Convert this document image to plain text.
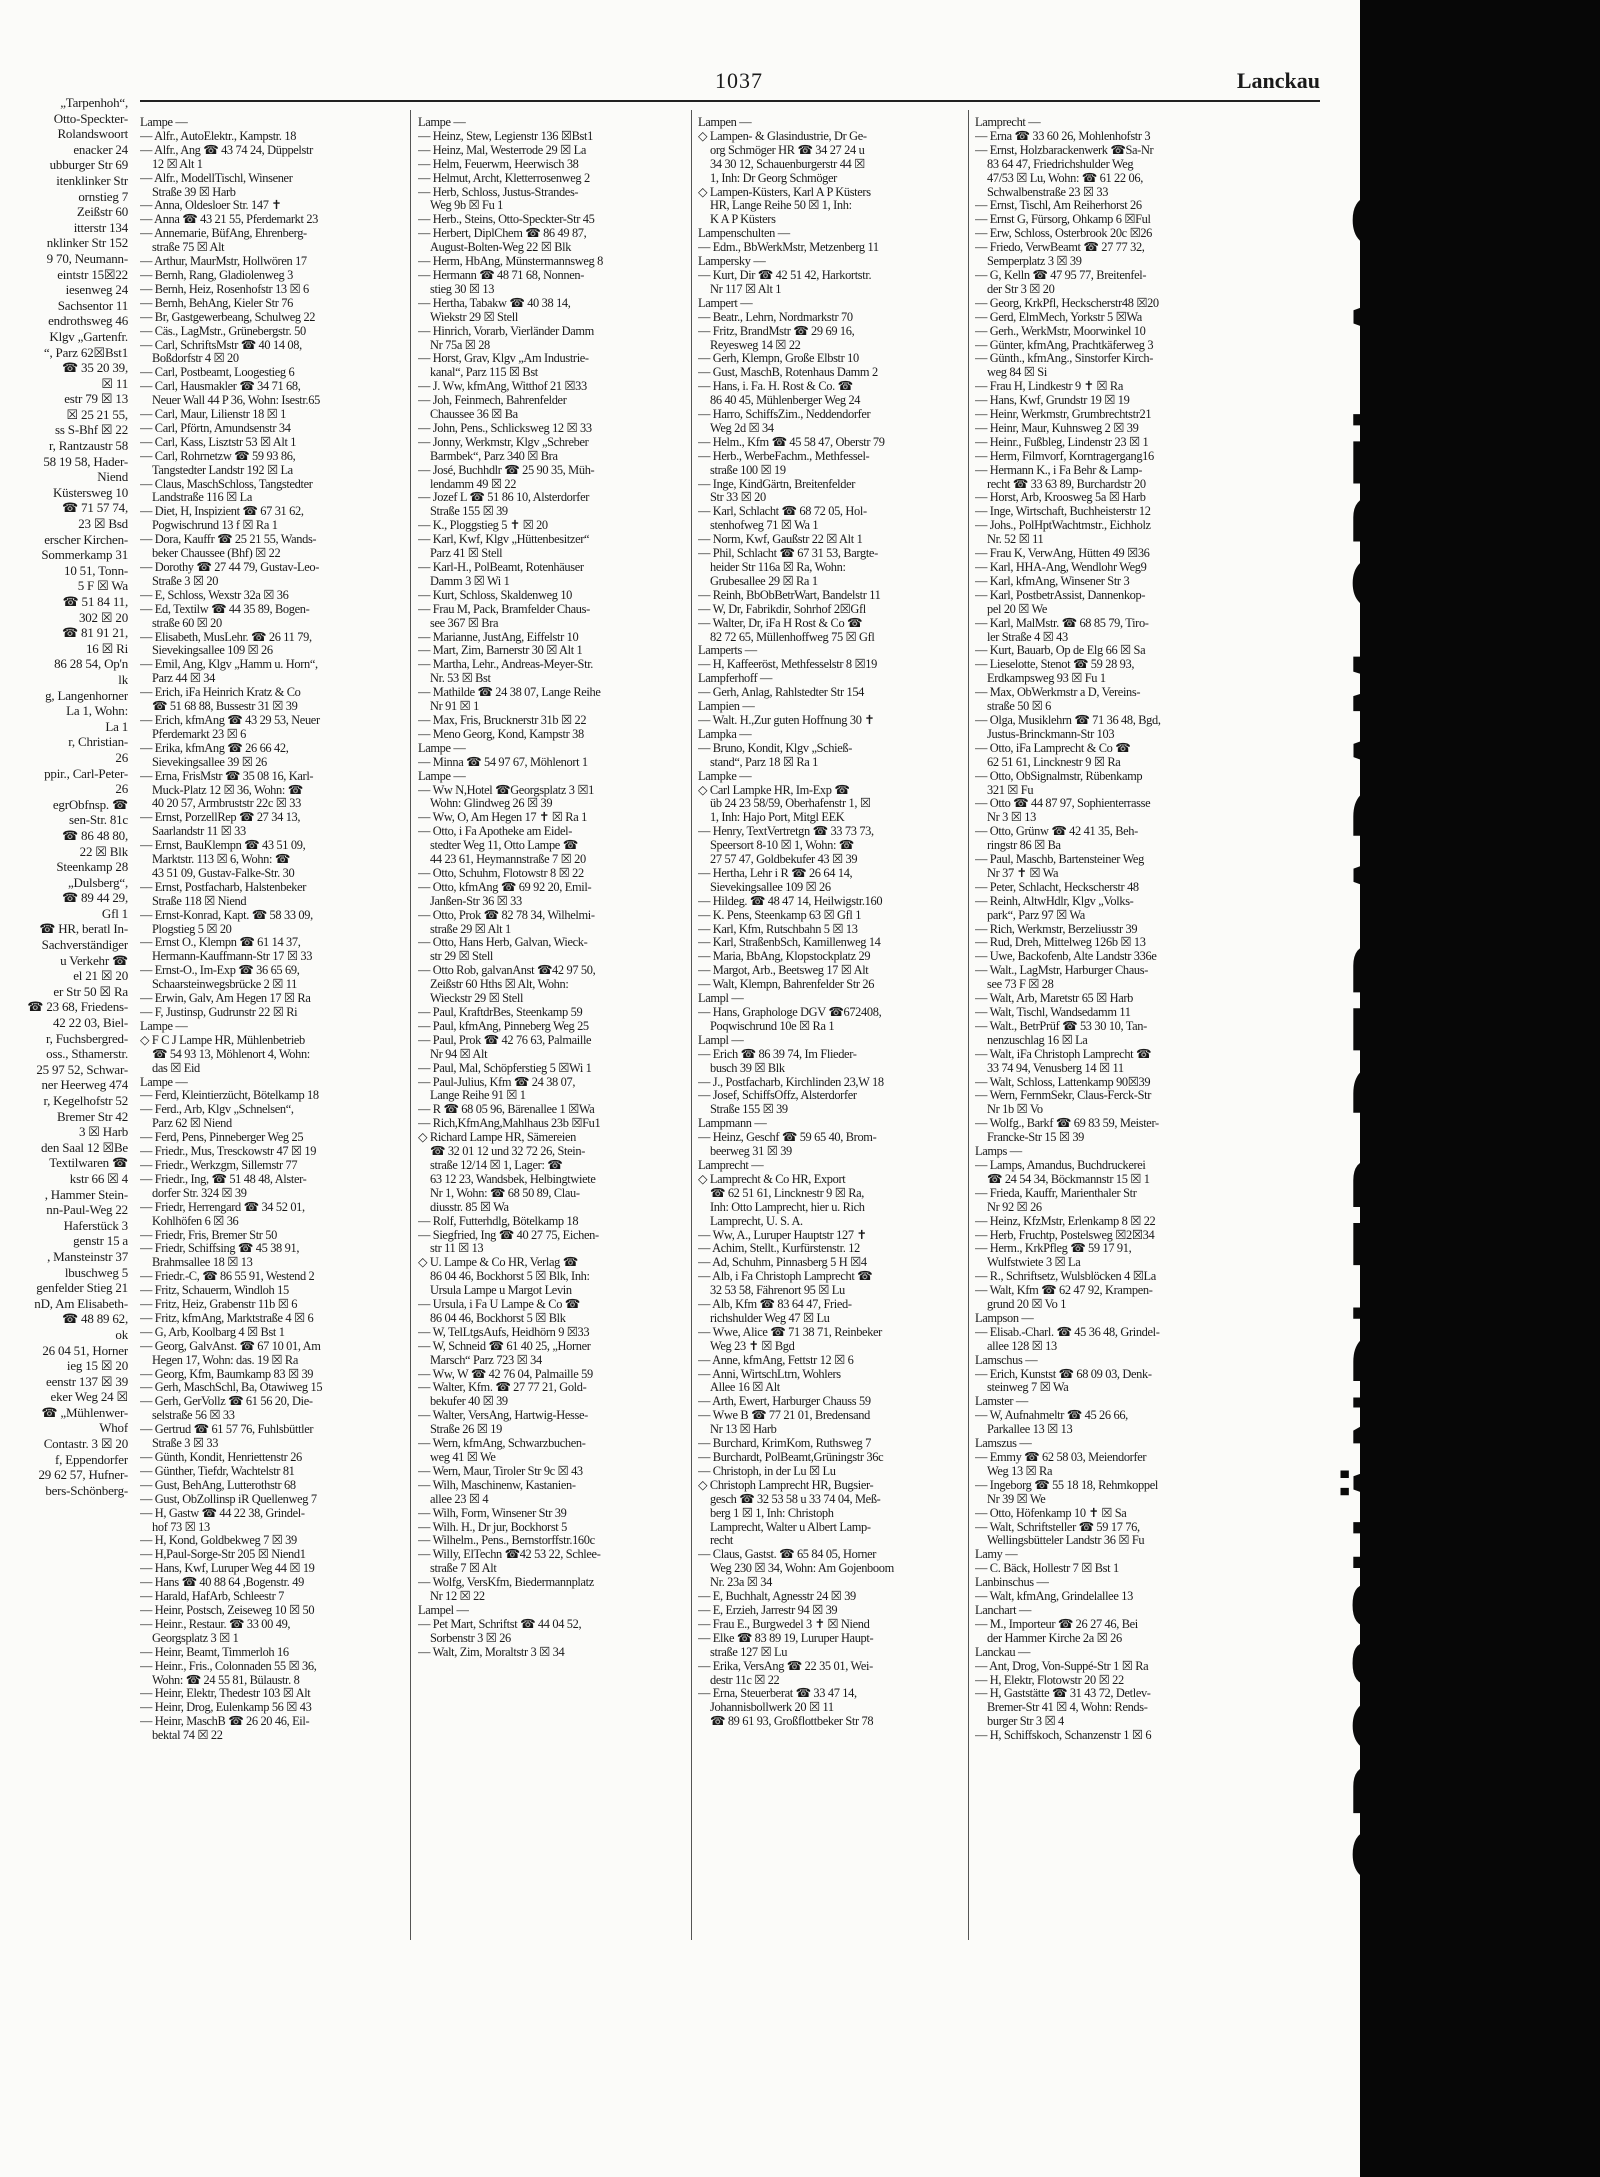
„Tarpenhoh“,
Otto-Speckter-
Rolandswoort
enacker 24
ubburger Str 69
itenklinker Str
ornstieg 7
Zeißstr 60
itterstr 134
nklinker Str 152
9 70, Neumann-
eintstr 15☒22
iesenweg 24
Sachsentor 11
endrothsweg 46
Klgv „Gartenfr.
“, Parz 62☒Bst1
☎ 35 20 39,
☒ 11
estr 79 ☒ 13
☒ 25 21 55,
ss S-Bhf ☒ 22
r, Rantzaustr 58
58 19 58, Hader-
Niend
Küstersweg 10
☎ 71 57 74,
23 ☒ Bsd
erscher Kirchen-
Sommerkamp 31
10 51, Tonn-
5 F ☒ Wa
☎ 51 84 11,
302 ☒ 20
☎ 81 91 21,
16 ☒ Ri
86 28 54, Op'n
lk
g, Langenhorner
La 1, Wohn:
La 1
r, Christian-
26
ppir., Carl-Peter-
26
egrObfnsp. ☎
sen-Str. 81c
☎ 86 48 80,
22 ☒ Blk
Steenkamp 28
„Dulsberg“,
☎ 89 44 29,
Gfl 1
☎ HR, beratl In-
Sachverständiger
u Verkehr ☎
el 21 ☒ 20
er Str 50 ☒ Ra
☎ 23 68, Friedens-
42 22 03, Biel-
r, Fuchsbergred-
oss., Sthamerstr.
25 97 52, Schwar-
ner Heerweg 474
r, Kegelhofstr 52
Bremer Str 42
3 ☒ Harb
den Saal 12 ☒Be
Textilwaren ☎
kstr 66 ☒ 4
, Hammer Stein-
nn-Paul-Weg 22
Haferstück 3
genstr 15 a
, Mansteinstr 37
lbuschweg 5
genfelder Stieg 21
nD, Am Elisabeth-
☎ 48 89 62,
ok
26 04 51, Horner
ieg 15 ☒ 20
eenstr 137 ☒ 39
eker Weg 24 ☒
☎ „Mühlenwer-
Whof
Contastr. 3 ☒ 20
f, Eppendorfer
29 62 57, Hufner-
bers-Schönberg-
1037	Lanckau
Lampe —
— Alfr., AutoElektr., Kampstr. 18
— Alfr., Ang ☎ 43 74 24, Düppelstr
12 ☒ Alt 1
— Alfr., ModellTischl, Winsener
Straße 39 ☒ Harb
— Anna, Oldesloer Str. 147 ✝
— Anna ☎ 43 21 55, Pferdemarkt 23
— Annemarie, BüfAng, Ehrenberg-
straße 75 ☒ Alt
— Arthur, MaurMstr, Hollwören 17
— Bernh, Rang, Gladiolenweg 3
— Bernh, Heiz, Rosenhofstr 13 ☒ 6
— Bernh, BehAng, Kieler Str 76
— Br, Gastgewerbeang, Schulweg 22
— Cäs., LagMstr., Grünebergstr. 50
— Carl, SchriftsMstr ☎ 40 14 08,
Boßdorfstr 4 ☒ 20
— Carl, Postbeamt, Loogestieg 6
— Carl, Hausmakler ☎ 34 71 68,
Neuer Wall 44 P 36, Wohn: Isestr.65
— Carl, Maur, Lilienstr 18 ☒ 1
— Carl, Pförtn, Amundsenstr 34
— Carl, Kass, Lisztstr 53 ☒ Alt 1
— Carl, Rohrnetzw ☎ 59 93 86,
Tangstedter Landstr 192 ☒ La
— Claus, MaschSchloss, Tangstedter
Landstraße 116 ☒ La
— Diet, H, Inspizient ☎ 67 31 62,
Pogwischrund 13 f ☒ Ra 1
— Dora, Kauffr ☎ 25 21 55, Wands-
beker Chaussee (Bhf) ☒ 22
— Dorothy ☎ 27 44 79, Gustav-Leo-
Straße 3 ☒ 20
— E, Schloss, Wexstr 32a ☒ 36
— Ed, Textilw ☎ 44 35 89, Bogen-
straße 60 ☒ 20
— Elisabeth, MusLehr. ☎ 26 11 79,
Sievekingsallee 109 ☒ 26
— Emil, Ang, Klgv „Hamm u. Horn“,
Parz 44 ☒ 34
— Erich, iFa Heinrich Kratz & Co
☎ 51 68 88, Bussestr 31 ☒ 39
— Erich, kfmAng ☎ 43 29 53, Neuer
Pferdemarkt 23 ☒ 6
— Erika, kfmAng ☎ 26 66 42,
Sievekingsallee 39 ☒ 26
— Erna, FrisMstr ☎ 35 08 16, Karl-
Muck-Platz 12 ☒ 36, Wohn: ☎
40 20 57, Armbruststr 22c ☒ 33
— Ernst, PorzellRep ☎ 27 34 13,
Saarlandstr 11 ☒ 33
— Ernst, BauKlempn ☎ 43 51 09,
Marktstr. 113 ☒ 6, Wohn: ☎
43 51 09, Gustav-Falke-Str. 30
— Ernst, Postfacharb, Halstenbeker
Straße 118 ☒ Niend
— Ernst-Konrad, Kapt. ☎ 58 33 09,
Plogstieg 5 ☒ 20
— Ernst O., Klempn ☎ 61 14 37,
Hermann-Kauffmann-Str 17 ☒ 33
— Ernst-O., Im-Exp ☎ 36 65 69,
Schaarsteinwegsbrücke 2 ☒ 11
— Erwin, Galv, Am Hegen 17 ☒ Ra
— F, Justinsp, Gudrunstr 22 ☒ Ri
Lampe —
◇ F C J Lampe HR, Mühlenbetrieb
☎ 54 93 13, Möhlenort 4, Wohn:
das ☒ Eid
Lampe —
— Ferd, Kleintierzücht, Bötelkamp 18
— Ferd., Arb, Klgv „Schnelsen“,
Parz 62 ☒ Niend
— Ferd, Pens, Pinneberger Weg 25
— Friedr., Mus, Tresckowstr 47 ☒ 19
— Friedr., Werkzgm, Sillemstr 77
— Friedr., Ing, ☎ 51 48 48, Alster-
dorfer Str. 324 ☒ 39
— Friedr, Herrengard ☎ 34 52 01,
Kohlhöfen 6 ☒ 36
— Friedr, Fris, Bremer Str 50
— Friedr, Schiffsing ☎ 45 38 91,
Brahmsallee 18 ☒ 13
— Friedr.-C, ☎ 86 55 91, Westend 2
— Fritz, Schauerm, Windloh 15
— Fritz, Heiz, Grabenstr 11b ☒ 6
— Fritz, kfmAng, Marktstraße 4 ☒ 6
— G, Arb, Koolbarg 4 ☒ Bst 1
— Georg, GalvAnst. ☎ 67 10 01, Am
Hegen 17, Wohn: das. 19 ☒ Ra
— Georg, Kfm, Baumkamp 83 ☒ 39
— Gerh, MaschSchl, Ba, Otawiweg 15
— Gerh, GerVollz ☎ 61 56 20, Die-
selstraße 56 ☒ 33
— Gertrud ☎ 61 57 76, Fuhlsbüttler
Straße 3 ☒ 33
— Günth, Kondit, Henriettenstr 26
— Günther, Tiefdr, Wachtelstr 81
— Gust, BehAng, Lutterothstr 68
— Gust, ObZollinsp iR Quellenweg 7
— H, Gastw ☎ 44 22 38, Grindel-
hof 73 ☒ 13
— H, Kond, Goldbekweg 7 ☒ 39
— H,Paul-Sorge-Str 205 ☒ Niend1
— Hans, Kwf, Luruper Weg 44 ☒ 19
— Hans ☎ 40 88 64 ,Bogenstr. 49
— Harald, HafArb, Schleestr 7
— Heinr, Postsch, Zeiseweg 10 ☒ 50
— Heinr., Restaur. ☎ 33 00 49,
Georgsplatz 3 ☒ 1
— Heinr, Beamt, Timmerloh 16
— Heinr., Fris., Colonnaden 55 ☒ 36,
Wohn: ☎ 24 55 81, Bülaustr. 8
— Heinr, Elektr, Thedestr 103 ☒ Alt
— Heinr, Drog, Eulenkamp 56 ☒ 43
— Heinr, MaschB ☎ 26 20 46, Eil-
bektal 74 ☒ 22
Lampe —
— Heinz, Stew, Legienstr 136 ☒Bst1
— Heinz, Mal, Westerrode 29 ☒ La
— Helm, Feuerwm, Heerwisch 38
— Helmut, Archt, Kletterrosenweg 2
— Herb, Schloss, Justus-Strandes-
Weg 9b ☒ Fu 1
— Herb., Steins, Otto-Speckter-Str 45
— Herbert, DiplChem ☎ 86 49 87,
August-Bolten-Weg 22 ☒ Blk
— Herm, HbAng, Münstermannsweg 8
— Hermann ☎ 48 71 68, Nonnen-
stieg 30 ☒ 13
— Hertha, Tabakw ☎ 40 38 14,
Wiekstr 29 ☒ Stell
— Hinrich, Vorarb, Vierländer Damm
Nr 75a ☒ 28
— Horst, Grav, Klgv „Am Industrie-
kanal“, Parz 115 ☒ Bst
— J. Ww, kfmAng, Witthof 21 ☒33
— Joh, Feinmech, Bahrenfelder
Chaussee 36 ☒ Ba
— John, Pens., Schlicksweg 12 ☒ 33
— Jonny, Werkmstr, Klgv „Schreber
Barmbek“, Parz 340 ☒ Bra
— José, Buchhdlr ☎ 25 90 35, Müh-
lendamm 49 ☒ 22
— Jozef L ☎ 51 86 10, Alsterdorfer
Straße 155 ☒ 39
— K., Ploggstieg 5 ✝ ☒ 20
— Karl, Kwf, Klgv „Hüttenbesitzer“
Parz 41 ☒ Stell
— Karl-H., PolBeamt, Rotenhäuser
Damm 3 ☒ Wi 1
— Kurt, Schloss, Skaldenweg 10
— Frau M, Pack, Bramfelder Chaus-
see 367 ☒ Bra
— Marianne, JustAng, Eiffelstr 10
— Mart, Zim, Barnerstr 30 ☒ Alt 1
— Martha, Lehr., Andreas-Meyer-Str.
Nr. 53 ☒ Bst
— Mathilde ☎ 24 38 07, Lange Reihe
Nr 91 ☒ 1
— Max, Fris, Brucknerstr 31b ☒ 22
— Meno Georg, Kond, Kampstr 38
Lampe —
— Minna ☎ 54 97 67, Möhlenort 1
Lampe —
— Ww N,Hotel ☎Georgsplatz 3 ☒1
Wohn: Glindweg 26 ☒ 39
— Ww, O, Am Hegen 17 ✝ ☒ Ra 1
— Otto, i Fa Apotheke am Eidel-
stedter Weg 11, Otto Lampe ☎
44 23 61, Heymannstraße 7 ☒ 20
— Otto, Schuhm, Flotowstr 8 ☒ 22
— Otto, kfmAng ☎ 69 92 20, Emil-
Janßen-Str 36 ☒ 33
— Otto, Prok ☎ 82 78 34, Wilhelmi-
straße 29 ☒ Alt 1
— Otto, Hans Herb, Galvan, Wieck-
str 29 ☒ Stell
— Otto Rob, galvanAnst ☎42 97 50,
Zeißstr 60 Hths ☒ Alt, Wohn:
Wieckstr 29 ☒ Stell
— Paul, KraftdrBes, Steenkamp 59
— Paul, kfmAng, Pinneberg Weg 25
— Paul, Prok ☎ 42 76 63, Palmaille
Nr 94 ☒ Alt
— Paul, Mal, Schöpferstieg 5 ☒Wi 1
— Paul-Julius, Kfm ☎ 24 38 07,
Lange Reihe 91 ☒ 1
— R ☎ 68 05 96, Bärenallee 1 ☒Wa
— Rich,KfmAng,Mahlhaus 23b ☒Fu1
◇ Richard Lampe HR, Sämereien
☎ 32 01 12 und 32 72 26, Stein-
straße 12/14 ☒ 1, Lager: ☎
63 12 23, Wandsbek, Helbingtwiete
Nr 1, Wohn: ☎ 68 50 89, Clau-
diusstr. 85 ☒ Wa
— Rolf, Futterhdlg, Bötelkamp 18
— Siegfried, Ing ☎ 40 27 75, Eichen-
str 11 ☒ 13
◇ U. Lampe & Co HR, Verlag ☎
86 04 46, Bockhorst 5 ☒ Blk, Inh:
Ursula Lampe u Margot Levin
— Ursula, i Fa U Lampe & Co ☎
86 04 46, Bockhorst 5 ☒ Blk
— W, TelLtgsAufs, Heidhörn 9 ☒33
— W, Schneid ☎ 61 40 25, „Horner
Marsch“ Parz 723 ☒ 34
— Ww, W ☎ 42 76 04, Palmaille 59
— Walter, Kfm. ☎ 27 77 21, Gold-
bekufer 40 ☒ 39
— Walter, VersAng, Hartwig-Hesse-
Straße 26 ☒ 19
— Wern, kfmAng, Schwarzbuchen-
weg 41 ☒ We
— Wern, Maur, Tiroler Str 9c ☒ 43
— Wilh, Maschinenw, Kastanien-
allee 23 ☒ 4
— Wilh, Form, Winsener Str 39
— Wilh. H., Dr jur, Bockhorst 5
— Wilhelm., Pens., Bernstorffstr.160c
— Willy, ElTechn ☎42 53 22, Schlee-
straße 7 ☒ Alt
— Wolfg, VersKfm, Biedermannplatz
Nr 12 ☒ 22
Lampel —
— Pet Mart, Schriftst ☎ 44 04 52,
Sorbenstr 3 ☒ 26
— Walt, Zim, Moraltstr 3 ☒ 34
Lampen —
◇ Lampen- & Glasindustrie, Dr Ge-
org Schmöger HR ☎ 34 27 24 u
34 30 12, Schauenburgerstr 44 ☒
1, Inh: Dr Georg Schmöger
◇ Lampen-Küsters, Karl A P Küsters
HR, Lange Reihe 50 ☒ 1, Inh:
K A P Küsters
Lampenschulten —
— Edm., BbWerkMstr, Metzenberg 11
Lampersky —
— Kurt, Dir ☎ 42 51 42, Harkortstr.
Nr 117 ☒ Alt 1
Lampert —
— Beatr., Lehrn, Nordmarkstr 70
— Fritz, BrandMstr ☎ 29 69 16,
Reyesweg 14 ☒ 22
— Gerh, Klempn, Große Elbstr 10
— Gust, MaschB, Rotenhaus Damm 2
— Hans, i. Fa. H. Rost & Co. ☎
86 40 45, Mühlenberger Weg 24
— Harro, SchiffsZim., Neddendorfer
Weg 2d ☒ 34
— Helm., Kfm ☎ 45 58 47, Oberstr 79
— Herb., WerbeFachm., Methfessel-
straße 100 ☒ 19
— Inge, KindGärtn, Breitenfelder
Str 33 ☒ 20
— Karl, Schlacht ☎ 68 72 05, Hol-
stenhofweg 71 ☒ Wa 1
— Norm, Kwf, Gaußstr 22 ☒ Alt 1
— Phil, Schlacht ☎ 67 31 53, Bargte-
heider Str 116a ☒ Ra, Wohn:
Grubesallee 29 ☒ Ra 1
— Reinh, BbObBetrWart, Bandelstr 11
— W, Dr, Fabrikdir, Sohrhof 2☒Gfl
— Walter, Dr, iFa H Rost & Co ☎
82 72 65, Müllenhoffweg 75 ☒ Gfl
Lamperts —
— H, Kaffeeröst, Methfesselstr 8 ☒19
Lampferhoff —
— Gerh, Anlag, Rahlstedter Str 154
Lampien —
— Walt. H.,Zur guten Hoffnung 30 ✝
Lampka —
— Bruno, Kondit, Klgv „Schieß-
stand“, Parz 18 ☒ Ra 1
Lampke —
◇ Carl Lampke HR, Im-Exp ☎
üb 24 23 58/59, Oberhafenstr 1, ☒
1, Inh: Hajo Port, Mitgl EEK
— Henry, TextVertretgn ☎ 33 73 73,
Speersort 8-10 ☒ 1, Wohn: ☎
27 57 47, Goldbekufer 43 ☒ 39
— Hertha, Lehr i R ☎ 26 64 14,
Sievekingsallee 109 ☒ 26
— Hildeg. ☎ 48 47 14, Heilwigstr.160
— K. Pens, Steenkamp 63 ☒ Gfl 1
— Karl, Kfm, Rutschbahn 5 ☒ 13
— Karl, StraßenbSch, Kamillenweg 14
— Maria, BbAng, Klopstockplatz 29
— Margot, Arb., Beetsweg 17 ☒ Alt
— Walt, Klempn, Bahrenfelder Str 26
Lampl —
— Hans, Graphologe DGV ☎672408,
Poqwischrund 10e ☒ Ra 1
Lampl —
— Erich ☎ 86 39 74, Im Flieder-
busch 39 ☒ Blk
— J., Postfacharb, Kirchlinden 23,W 18
— Josef, SchiffsOffz, Alsterdorfer
Straße 155 ☒ 39
Lampmann —
— Heinz, Geschf ☎ 59 65 40, Brom-
beerweg 31 ☒ 39
Lamprecht —
◇ Lamprecht & Co HR, Export
☎ 62 51 61, Lincknestr 9 ☒ Ra,
Inh: Otto Lamprecht, hier u. Rich
Lamprecht, U. S. A.
— Ww, A., Luruper Hauptstr 127 ✝
— Achim, Stellt., Kurfürstenstr. 12
— Ad, Schuhm, Pinnasberg 5 H ☒4
— Alb, i Fa Christoph Lamprecht ☎
32 53 58, Fährenort 95 ☒ Lu
— Alb, Kfm ☎ 83 64 47, Fried-
richshulder Weg 47 ☒ Lu
— Wwe, Alice ☎ 71 38 71, Reinbeker
Weg 23 ✝ ☒ Bgd
— Anne, kfmAng, Fettstr 12 ☒ 6
— Anni, WirtschLtrn, Wohlers
Allee 16 ☒ Alt
— Arth, Ewert, Harburger Chauss 59
— Wwe B ☎ 77 21 01, Bredensand
Nr 13 ☒ Harb
— Burchard, KrimKom, Ruthsweg 7
— Burchardt, PolBeamt,Grüningstr 36c
— Christoph, in der Lu ☒ Lu
◇ Christoph Lamprecht HR, Bugsier-
gesch ☎ 32 53 58 u 33 74 04, Meß-
berg 1 ☒ 1, Inh: Christoph
Lamprecht, Walter u Albert Lamp-
recht
— Claus, Gastst. ☎ 65 84 05, Horner
Weg 230 ☒ 34, Wohn: Am Gojenboom
Nr. 23a ☒ 34
— E, Buchhalt, Agnesstr 24 ☒ 39
— E, Erzieh, Jarrestr 94 ☒ 39
— Frau E., Burgwedel 3 ✝ ☒ Niend
— Elke ☎ 83 89 19, Luruper Haupt-
straße 127 ☒ Lu
— Erika, VersAng ☎ 22 35 01, Wei-
destr 11c ☒ 22
— Erna, Steuerberat ☎ 33 47 14,
Johannisbollwerk 20 ☒ 11
☎ 89 61 93, Großflottbeker Str 78
Lamprecht —
— Erna ☎ 33 60 26, Mohlenhofstr 3
— Ernst, Holzbarackenwerk ☎Sa-Nr
83 64 47, Friedrichshulder Weg
47/53 ☒ Lu, Wohn: ☎ 61 22 06,
Schwalbenstraße 23 ☒ 33
— Ernst, Tischl, Am Reiherhorst 26
— Ernst G, Fürsorg, Ohkamp 6 ☒Ful
— Erw, Schloss, Osterbrook 20c ☒26
— Friedo, VerwBeamt ☎ 27 77 32,
Semperplatz 3 ☒ 39
— G, Kelln ☎ 47 95 77, Breitenfel-
der Str 3 ☒ 20
— Georg, KrkPfl, Heckscherstr48 ☒20
— Gerd, ElmMech, Yorkstr 5 ☒Wa
— Gerh., WerkMstr, Moorwinkel 10
— Günter, kfmAng, Prachtkäferweg 3
— Günth., kfmAng., Sinstorfer Kirch-
weg 84 ☒ Si
— Frau H, Lindkestr 9 ✝ ☒ Ra
— Hans, Kwf, Grundstr 19 ☒ 19
— Heinr, Werkmstr, Grumbrechtstr21
— Heinr, Maur, Kuhnsweg 2 ☒ 39
— Heinr., Fußbleg, Lindenstr 23 ☒ 1
— Herm, Filmvorf, Korntragergang16
— Hermann K., i Fa Behr & Lamp-
recht ☎ 33 63 89, Burchardstr 20
— Horst, Arb, Kroosweg 5a ☒ Harb
— Inge, Wirtschaft, Buchheisterstr 12
— Johs., PolHptWachtmstr., Eichholz
Nr. 52 ☒ 11
— Frau K, VerwAng, Hütten 49 ☒36
— Karl, HHA-Ang, Wendlohr Weg9
— Karl, kfmAng, Winsener Str 3
— Karl, PostbetrAssist, Dannenkop-
pel 20 ☒ We
— Karl, MalMstr. ☎ 68 85 79, Tiro-
ler Straße 4 ☒ 43
— Kurt, Bauarb, Op de Elg 66 ☒ Sa
— Lieselotte, Stenot ☎ 59 28 93,
Erdkampsweg 93 ☒ Fu 1
— Max, ObWerkmstr a D, Vereins-
straße 50 ☒ 6
— Olga, Musiklehrn ☎ 71 36 48, Bgd,
Justus-Brinckmann-Str 103
— Otto, iFa Lamprecht & Co ☎
62 51 61, Lincknestr 9 ☒ Ra
— Otto, ObSignalmstr, Rübenkamp
321 ☒ Fu
— Otto ☎ 44 87 97, Sophienterrasse
Nr 3 ☒ 13
— Otto, Grünw ☎ 42 41 35, Beh-
ringstr 86 ☒ Ba
— Paul, Maschb, Bartensteiner Weg
Nr 37 ✝ ☒ Wa
— Peter, Schlacht, Heckscherstr 48
— Reinh, AltwHdlr, Klgv „Volks-
park“, Parz 97 ☒ Wa
— Rich, Werkmstr, Berzeliusstr 39
— Rud, Dreh, Mittelweg 126b ☒ 13
— Uwe, Backofenb, Alte Landstr 336e
— Walt., LagMstr, Harburger Chaus-
see 73 F ☒ 28
— Walt, Arb, Maretstr 65 ☒ Harb
— Walt, Tischl, Wandsedamm 11
— Walt., BetrPrüf ☎ 53 30 10, Tan-
nenzuschlag 16 ☒ La
— Walt, iFa Christoph Lamprecht ☎
33 74 94, Venusberg 14 ☒ 11
— Walt, Schloss, Lattenkamp 90☒39
— Wern, FernmSekr, Claus-Ferck-Str
Nr 1b ☒ Vo
— Wolfg., Barkf ☎ 69 83 59, Meister-
Francke-Str 15 ☒ 39
Lamps —
— Lamps, Amandus, Buchdruckerei
☎ 24 54 34, Böckmannstr 15 ☒ 1
— Frieda, Kauffr, Marienthaler Str
Nr 92 ☒ 26
— Heinz, KfzMstr, Erlenkamp 8 ☒ 22
— Herb, Fruchtp, Postelsweg ☒2☒34
— Herm., KrkPfleg ☎ 59 17 91,
Wulfstwiete 3 ☒ La
— R., Schriftsetz, Wulsblöcken 4 ☒La
— Walt, Kfm ☎ 62 47 92, Krampen-
grund 20 ☒ Vo 1
Lampson —
— Elisab.-Charl. ☎ 45 36 48, Grindel-
allee 128 ☒ 13
Lamschus —
— Erich, Kunstst ☎ 68 09 03, Denk-
steinweg 7 ☒ Wa
Lamster —
— W, Aufnahmeltr ☎ 45 26 66,
Parkallee 13 ☒ 13
Lamszus —
— Emmy ☎ 62 58 03, Meiendorfer
Weg 13 ☒ Ra
— Ingeborg ☎ 55 18 18, Rehmkoppel
Nr 39 ☒ We
— Otto, Höfenkamp 10 ✝ ☒ Sa
— Walt, Schriftsteller ☎ 59 17 76,
Wellingsbütteler Landstr 36 ☒ Fu
Lamy —
— C. Bäck, Hollestr 7 ☒ Bst 1
Lanbinschus —
— Walt, kfmAng, Grindelallee 13
Lanchart —
— M., Importeur ☎ 26 27 46, Bei
der Hammer Kirche 2a ☒ 26
Lanckau —
— Ant, Drog, Von-Suppé-Str 1 ☒ Ra
— H, Elektr, Flotowstr 20 ☒ 22
— H, Gaststätte ☎ 31 43 72, Detlev-
Bremer-Str 41 ☒ 4, Wohn: Rends-
burger Str 3 ☒ 4
— H, Schiffskoch, Schanzenstr 1 ☒ 6
